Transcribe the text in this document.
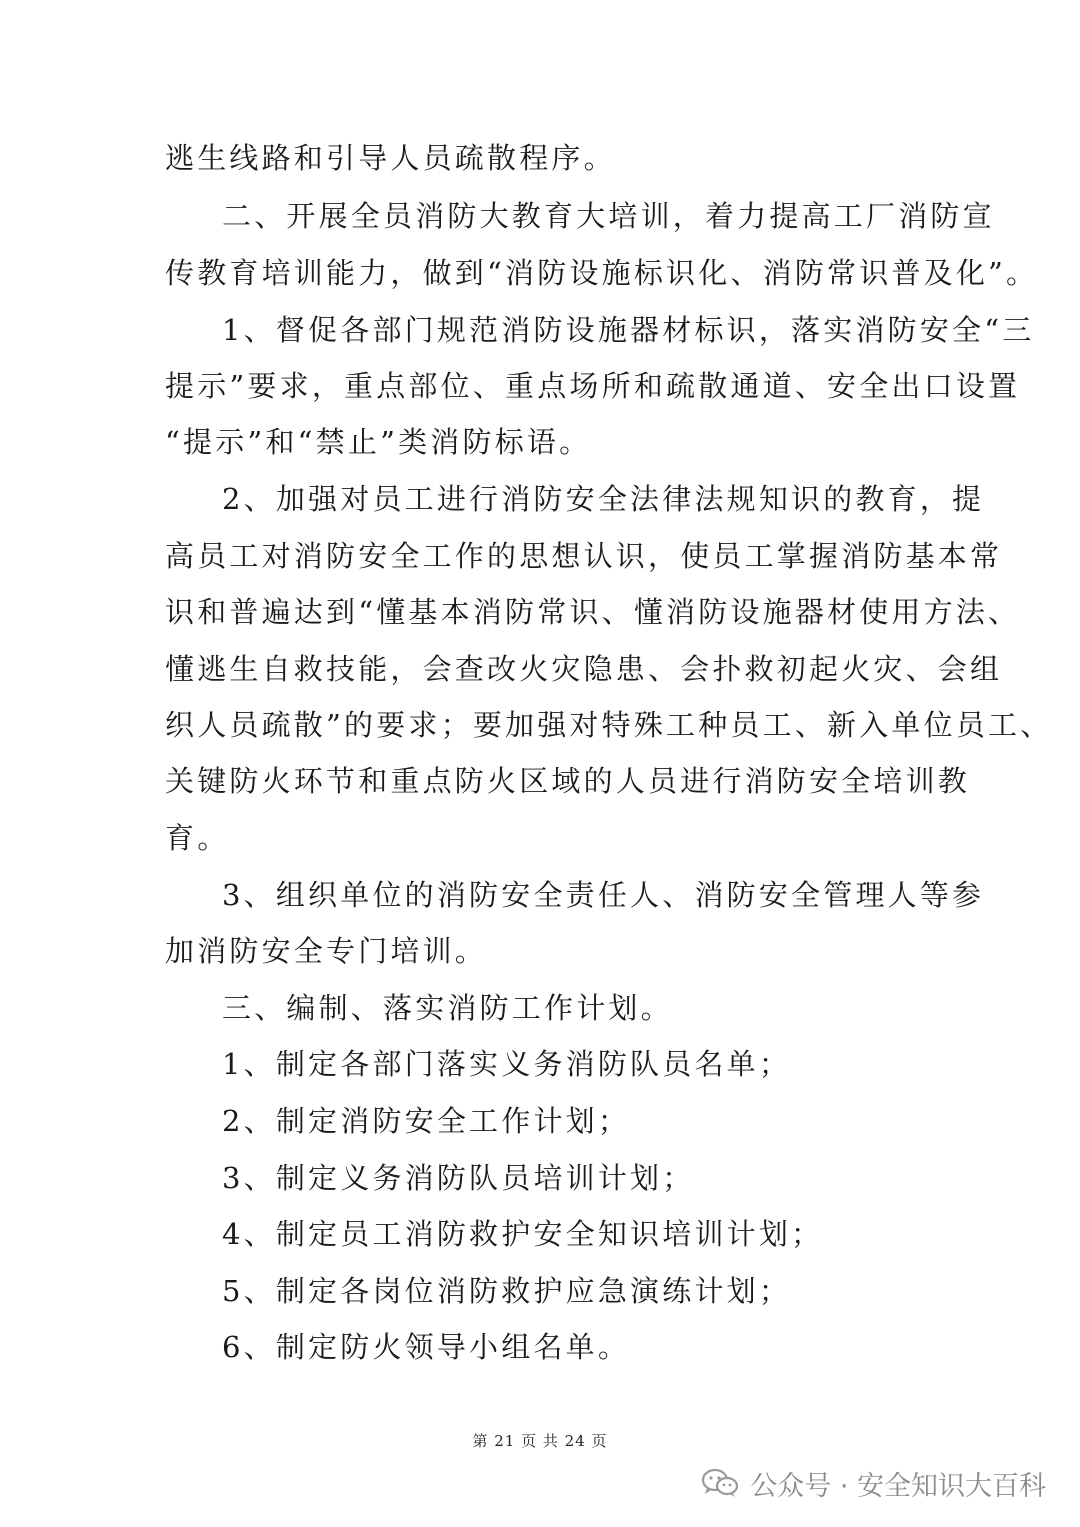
逃生线路和引导人员疏散程序。
二、开展全员消防大教育大培训，着力提高工厂消防宣
传教育培训能力，做到“消防设施标识化、消防常识普及化”。
1、督促各部门规范消防设施器材标识，落实消防安全“三
提示”要求，重点部位、重点场所和疏散通道、安全出口设置
“提示”和“禁止”类消防标语。
2、加强对员工进行消防安全法律法规知识的教育，提
高员工对消防安全工作的思想认识，使员工掌握消防基本常
识和普遍达到“懂基本消防常识、懂消防设施器材使用方法、
懂逃生自救技能，会查改火灾隐患、会扑救初起火灾、会组
织人员疏散”的要求；要加强对特殊工种员工、新入单位员工、
关键防火环节和重点防火区域的人员进行消防安全培训教
育。
3、组织单位的消防安全责任人、消防安全管理人等参
加消防安全专门培训。
三、编制、落实消防工作计划。
1、制定各部门落实义务消防队员名单；
2、制定消防安全工作计划；
3、制定义务消防队员培训计划；
4、制定员工消防救护安全知识培训计划；
5、制定各岗位消防救护应急演练计划；
6、制定防火领导小组名单。
第 21 页 共 24 页
公众号 · 安全知识大百科
